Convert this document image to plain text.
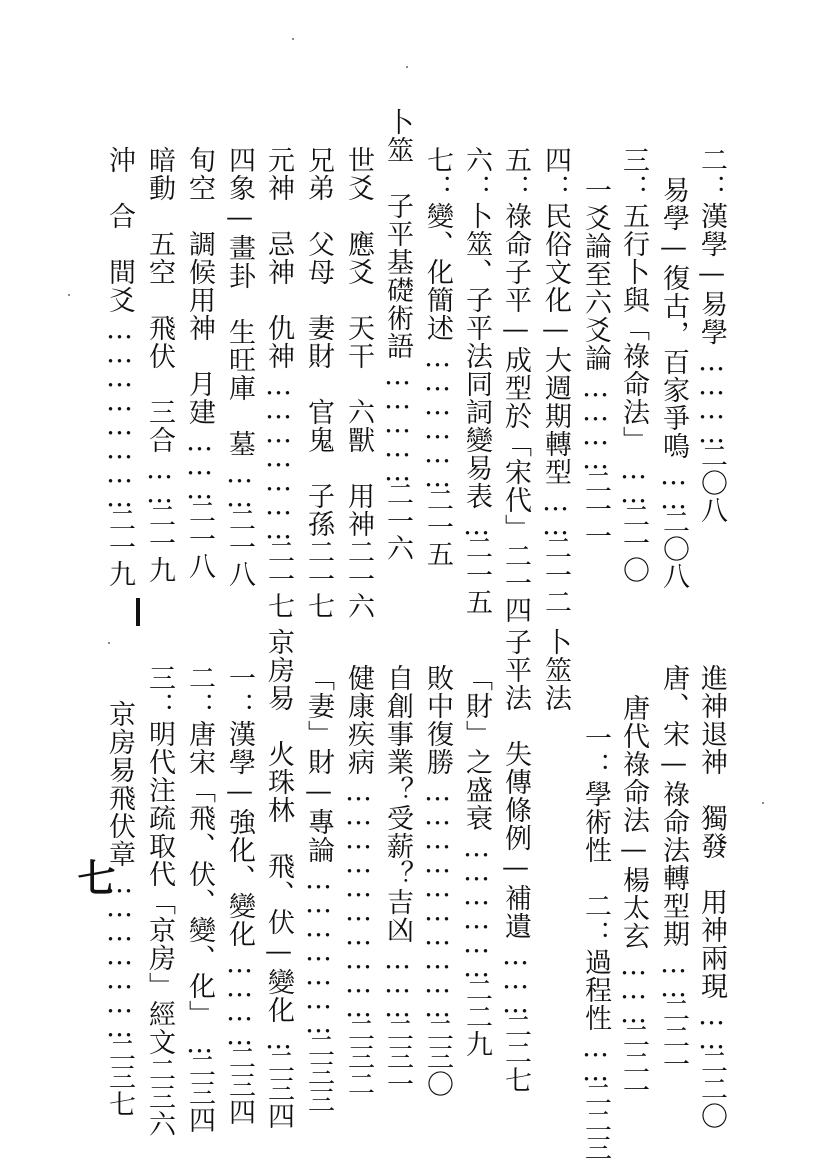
二：漢學—易學…………二〇八
易學—復古，百家爭鳴……二〇八
三：五行卜與「祿命法」……二一〇
一爻論至六爻論…………二一一
四：民俗文化—大週期轉型……二一二
五：祿命子平—成型於「宋代」二一四
六：卜筮、子平法同詞變易表…二一五
七：變、化簡述………………二一五
卜筮　子平基礎術語……………二一六
世爻　應爻　天干　六獸　用神二一六
兄弟　父母　妻財　官鬼　子孫二一七
元神　忌神　仇神…………………二一七
四象—畫卦　生旺庫　墓……二一八
旬空　調候用神　月建………二一八
暗動　五空　飛伏　三合……二一九
沖　合　間爻……………………二一九
進神退神　獨發　用神兩現……二二〇
唐、宋—祿命法轉型期……二二一
唐代祿命法—楊太玄………二二一
一：學術性　二：過程性……二二三
卜筮法
子平法　失傳條例—補遺………二二七
「財」之盛衰………………二二九
敗中復勝…………………………二三〇
自創事業？受薪？吉凶………二三一
健康疾病…………………………二三二
「妻」財—專論…………………二三三
京房易　火珠林　飛、伏—變化…二三四
一：漢學—強化、變化…………二三四
二：唐宋「飛、伏、變、化」…二三四
三：明代注疏取代「京房」經文二三六
京房易飛伏章…………………二三七
七
